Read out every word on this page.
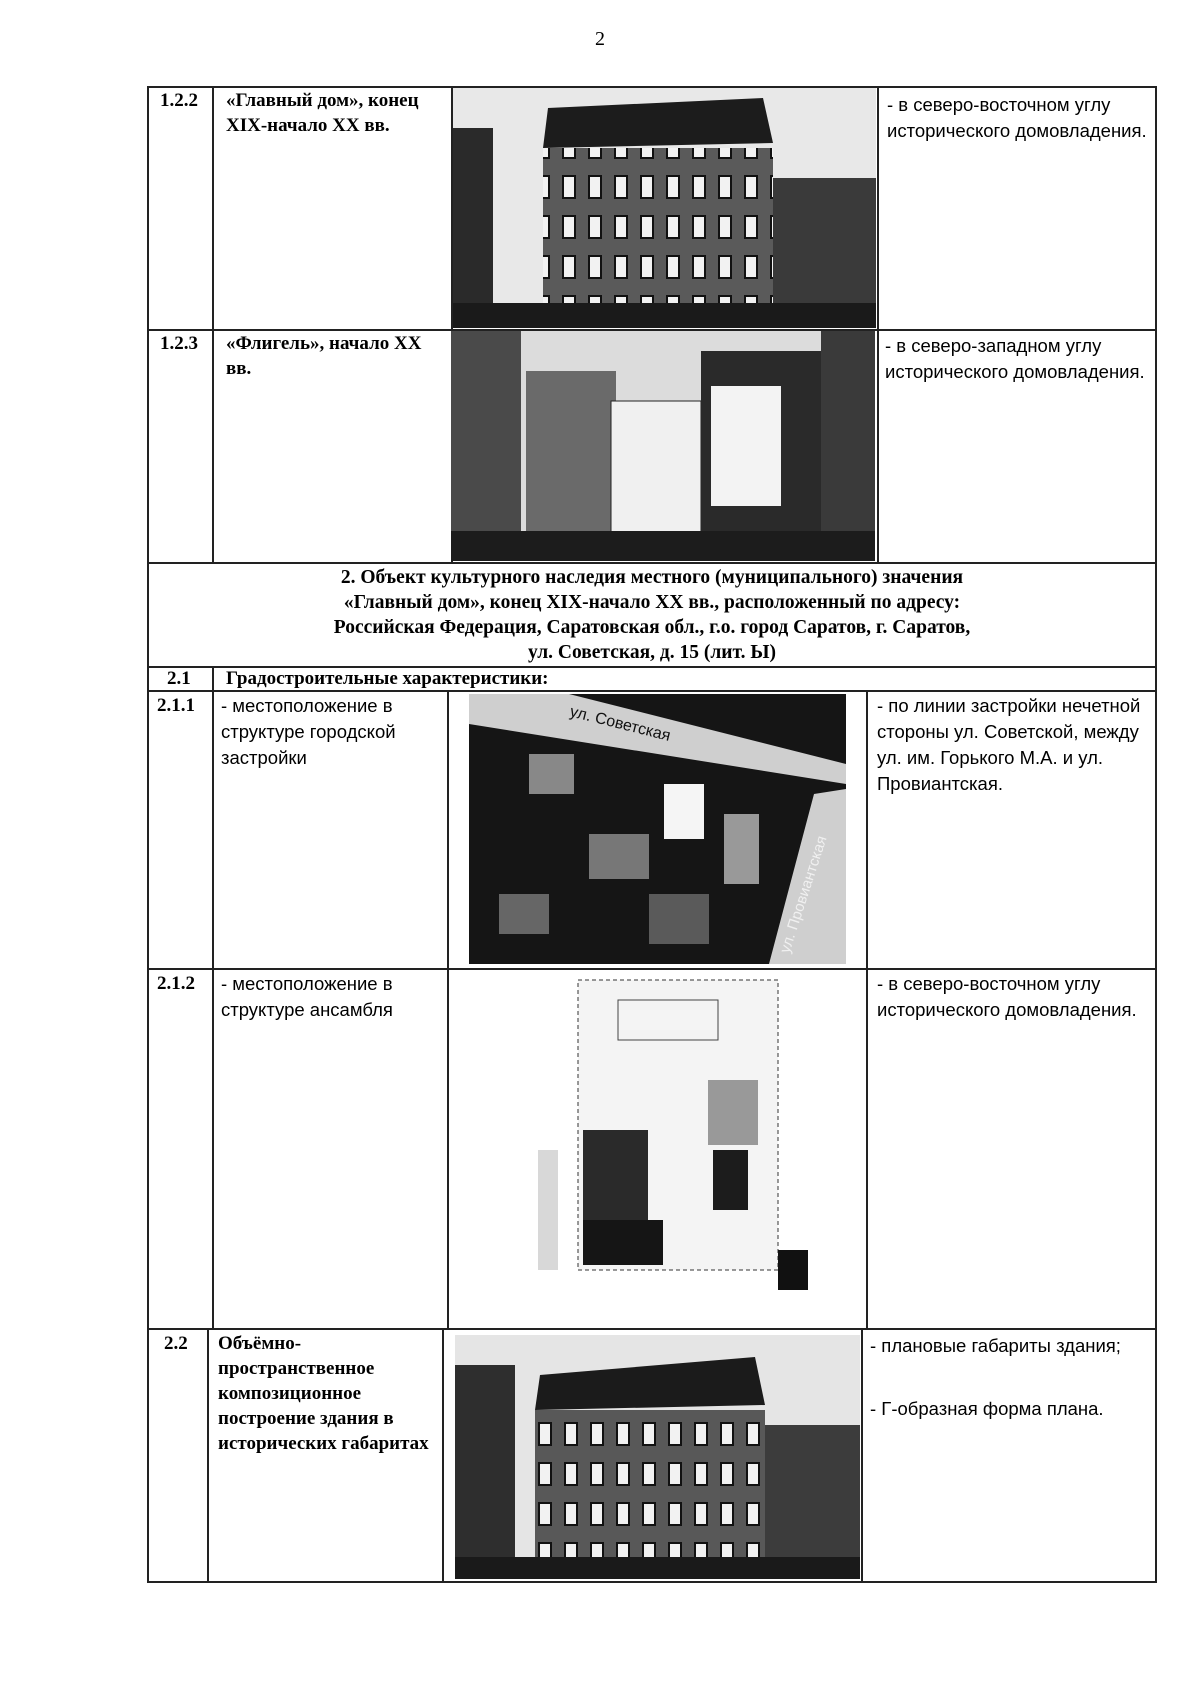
2
1.2.2 «Главный дом», конец XIX-начало XX вв.
- в северо-восточном углу исторического домовладения.
1.2.3 «Флигель», начало XX вв.
- в северо-западном углу исторического домовладения.
2. Объект культурного наследия местного (муниципального) значения
«Главный дом», конец XIX-начало XX вв., расположенный по адресу:
Российская Федерация, Саратовская обл., г.о. город Саратов, г. Саратов,
ул. Советская, д. 15 (лит. Ы)
2.1 Градостроительные характеристики:
2.1.1 - местоположение в структуре городской застройки
ул. Советская
ул. Провиантская
- по линии застройки нечетной стороны ул. Советской, между ул. им. Горького М.А. и ул. Провиантская.
2.1.2 - местоположение в структуре ансамбля
- в северо-восточном углу исторического домовладения.
2.2 Объёмно-пространственное композиционное построение здания в исторических габаритах
- плановые габариты здания;
- Г-образная форма плана.
